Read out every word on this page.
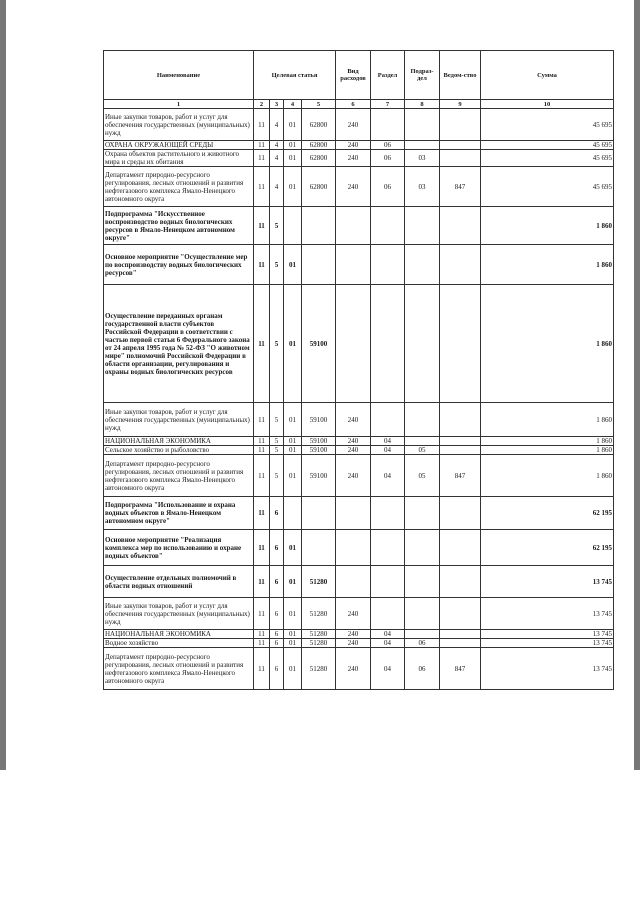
Наименование	Целевая статья				Вид расходов	Раздел	Подраз-дел	Ведом-ство	Сумма
1	2	3	4	5	6	7	8	9	10
Иные закупки товаров, работ и услуг для обеспечения государственных (муниципальных) нужд	11	4	01	62800	240				45 695
ОХРАНА ОКРУЖАЮЩЕЙ СРЕДЫ	11	4	01	62800	240	06			45 695
Охрана объектов растительного и животного мира и среды их обитания	11	4	01	62800	240	06	03		45 695
Департамент природно-ресурсного регулирования, лесных отношений и развития нефтегазового комплекса Ямало-Ненецкого автономного округа	11	4	01	62800	240	06	03	847	45 695
Подпрограмма "Искусственное воспроизводство водных биологических ресурсов в Ямало-Ненецком автономном округе"	11	5							1 860
Основное мероприятие "Осуществление мер по воспроизводству водных биологических ресурсов"	11	5	01						1 860
Осуществление переданных органам государственной власти субъектов Российской Федерации в соответствии с частью первой статьи 6 Федерального закона от 24 апреля 1995 года № 52-ФЗ "О животном мире" полномочий Российской Федерации в области организации, регулирования и охраны водных биологических ресурсов	11	5	01	59100					1 860
Иные закупки товаров, работ и услуг для обеспечения государственных (муниципальных) нужд	11	5	01	59100	240				1 860
НАЦИОНАЛЬНАЯ ЭКОНОМИКА	11	5	01	59100	240	04			1 860
Сельское хозяйство и рыболовство	11	5	01	59100	240	04	05		1 860
Департамент природно-ресурсного регулирования, лесных отношений и развития нефтегазового комплекса Ямало-Ненецкого автономного округа	11	5	01	59100	240	04	05	847	1 860
Подпрограмма "Использование и охрана водных объектов в Ямало-Ненецком автономном округе"	11	6							62 195
Основное мероприятие "Реализация комплекса мер по использованию и охране водных объектов"	11	6	01						62 195
Осуществление отдельных полномочий в области водных отношений	11	6	01	51280					13 745
Иные закупки товаров, работ и услуг для обеспечения государственных (муниципальных) нужд	11	6	01	51280	240				13 745
НАЦИОНАЛЬНАЯ ЭКОНОМИКА	11	6	01	51280	240	04			13 745
Водное хозяйство	11	6	01	51280	240	04	06		13 745
Департамент природно-ресурсного регулирования, лесных отношений и развития нефтегазового комплекса Ямало-Ненецкого автономного округа	11	6	01	51280	240	04	06	847	13 745
